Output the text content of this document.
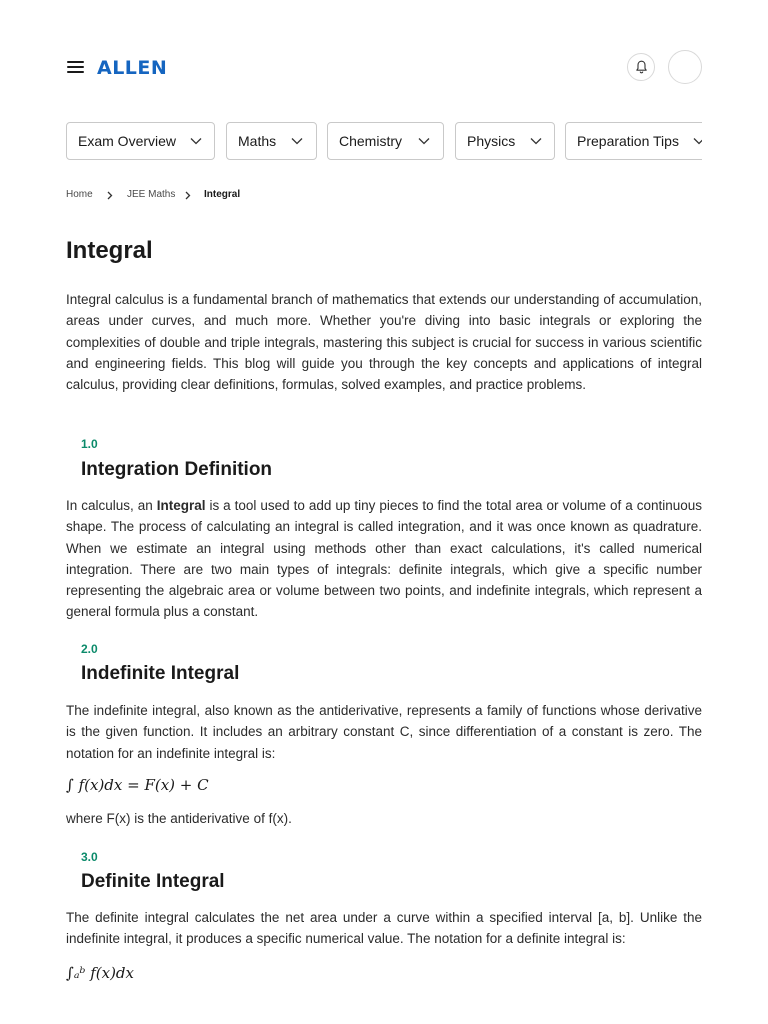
ALLEN
Exam Overview	Maths	Chemistry	Physics	Preparation Tips
Home	JEE Maths	Integral
Integral

Integral calculus is a fundamental branch of mathematics that extends our understanding of accumulation, areas under curves, and much more. Whether you're diving into basic integrals or exploring the complexities of double and triple integrals, mastering this subject is crucial for success in various scientific and engineering fields. This blog will guide you through the key concepts and applications of integral calculus, providing clear definitions, formulas, solved examples, and practice problems.

1.0
Integration Definition

In calculus, an Integral is a tool used to add up tiny pieces to find the total area or volume of a continuous shape. The process of calculating an integral is called integration, and it was once known as quadrature. When we estimate an integral using methods other than exact calculations, it's called numerical integration. There are two main types of integrals: definite integrals, which give a specific number representing the algebraic area or volume between two points, and indefinite integrals, which represent a general formula plus a constant.

2.0
Indefinite Integral

The indefinite integral, also known as the antiderivative, represents a family of functions whose derivative is the given function. It includes an arbitrary constant C, since differentiation of a constant is zero. The notation for an indefinite integral is:

∫ f(x)dx = F(x) + C

where F(x) is the antiderivative of f(x).

3.0
Definite Integral

The definite integral calculates the net area under a curve within a specified interval [a, b]. Unlike the indefinite integral, it produces a specific numerical value. The notation for a definite integral is:

∫ₐᵇ f(x)dx
